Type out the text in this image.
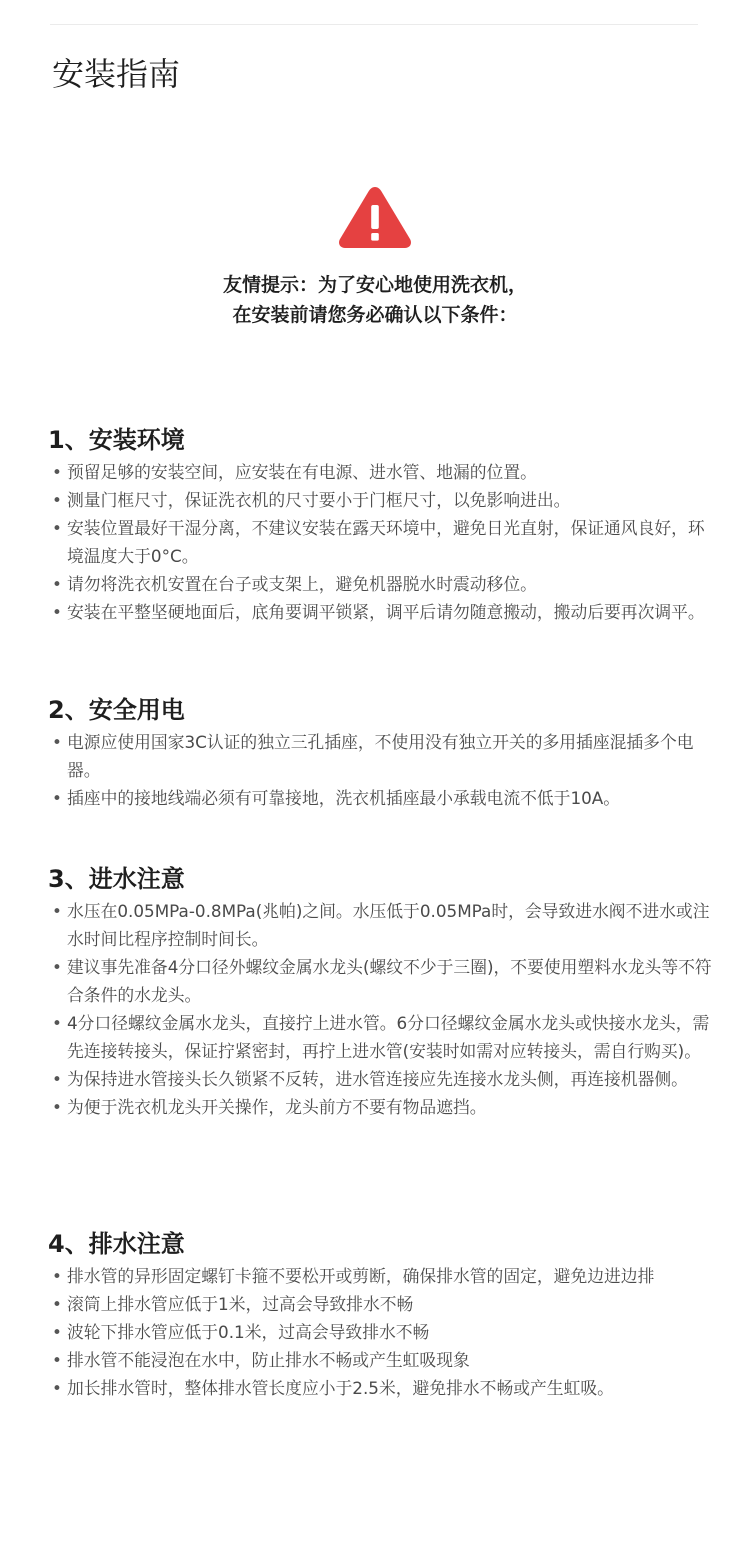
安装指南
友情提示：为了安心地使用洗衣机，
在安装前请您务必确认以下条件：
1、安装环境
• 预留足够的安装空间，应安装在有电源、进水管、地漏的位置。
• 测量门框尺寸，保证洗衣机的尺寸要小于门框尺寸，以免影响进出。
• 安装位置最好干湿分离，不建议安装在露天环境中，避免日光直射，保证通风良好，环境温度大于0°C。
• 请勿将洗衣机安置在台子或支架上，避免机器脱水时震动移位。
• 安装在平整坚硬地面后，底角要调平锁紧，调平后请勿随意搬动，搬动后要再次调平。
2、安全用电
• 电源应使用国家3C认证的独立三孔插座，不使用没有独立开关的多用插座混插多个电器。
• 插座中的接地线端必须有可靠接地，洗衣机插座最小承载电流不低于10A。
3、进水注意
• 水压在0.05MPa-0.8MPa(兆帕)之间。水压低于0.05MPa时，会导致进水阀不进水或注水时间比程序控制时间长。
• 建议事先准备4分口径外螺纹金属水龙头(螺纹不少于三圈)，不要使用塑料水龙头等不符合条件的水龙头。
• 4分口径螺纹金属水龙头，直接拧上进水管。6分口径螺纹金属水龙头或快接水龙头，需先连接转接头，保证拧紧密封，再拧上进水管(安装时如需对应转接头，需自行购买)。
• 为保持进水管接头长久锁紧不反转，进水管连接应先连接水龙头侧，再连接机器侧。
• 为便于洗衣机龙头开关操作，龙头前方不要有物品遮挡。
4、排水注意
• 排水管的异形固定螺钉卡箍不要松开或剪断，确保排水管的固定，避免边进边排
• 滚筒上排水管应低于1米，过高会导致排水不畅
• 波轮下排水管应低于0.1米，过高会导致排水不畅
• 排水管不能浸泡在水中，防止排水不畅或产生虹吸现象
• 加长排水管时，整体排水管长度应小于2.5米，避免排水不畅或产生虹吸。
